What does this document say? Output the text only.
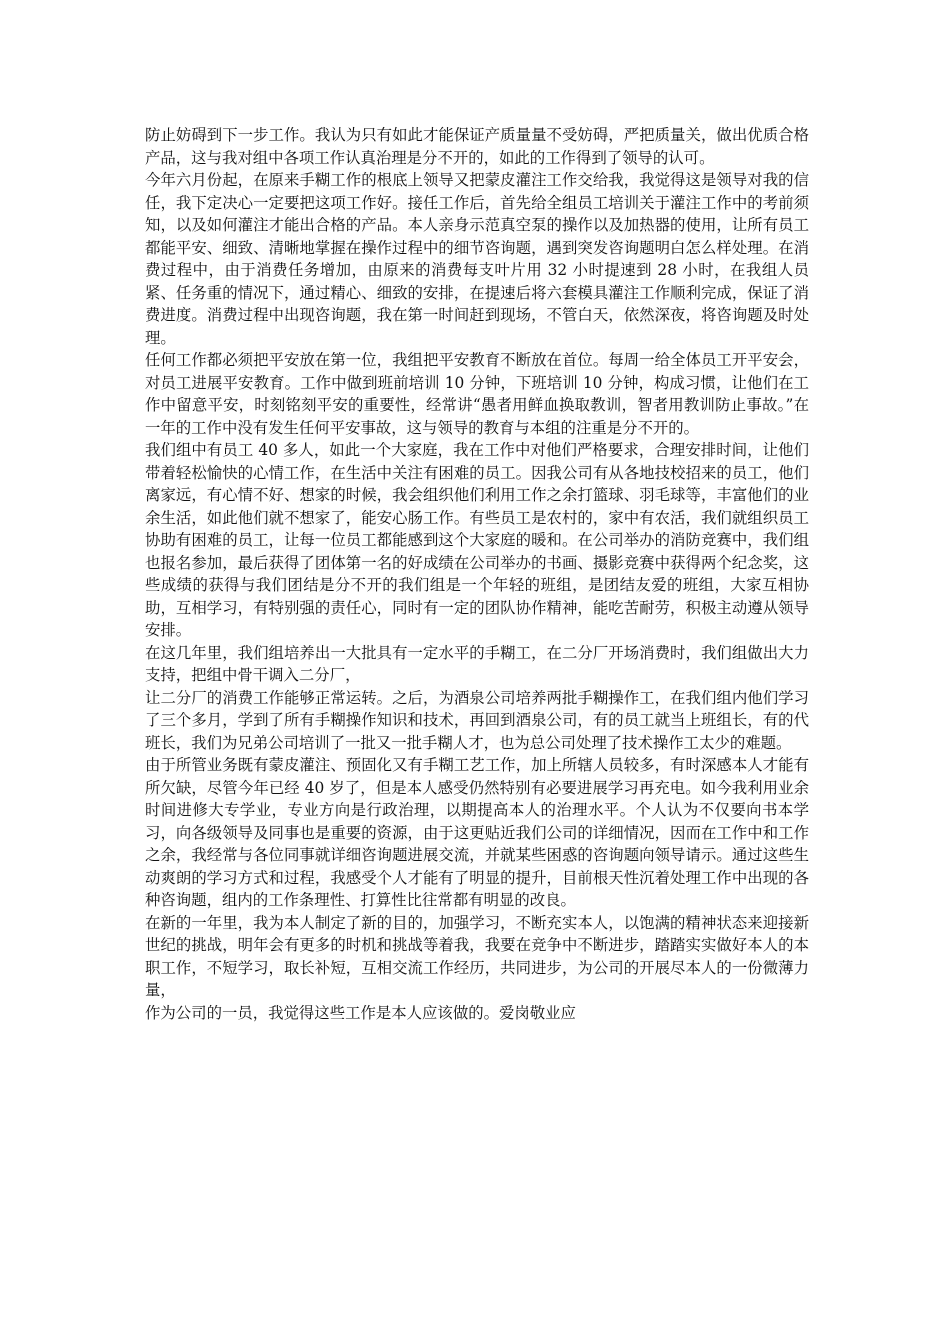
防止妨碍到下一步工作。我认为只有如此才能保证产质量量不受妨碍，严把质量关，做出优质合格产品，这与我对组中各项工作认真治理是分不开的，如此的工作得到了领导的认可。

今年六月份起，在原来手糊工作的根底上领导又把蒙皮灌注工作交给我，我觉得这是领导对我的信任，我下定决心一定要把这项工作好。接任工作后，首先给全组员工培训关于灌注工作中的考前须知，以及如何灌注才能出合格的产品。本人亲身示范真空泵的操作以及加热器的使用，让所有员工都能平安、细致、清晰地掌握在操作过程中的细节咨询题，遇到突发咨询题明白怎么样处理。在消费过程中，由于消费任务增加，由原来的消费每支叶片用 32 小时提速到 28 小时，在我组人员紧、任务重的情况下，通过精心、细致的安排，在提速后将六套模具灌注工作顺利完成，保证了消费进度。消费过程中出现咨询题，我在第一时间赶到现场，不管白天，依然深夜，将咨询题及时处理。

任何工作都必须把平安放在第一位，我组把平安教育不断放在首位。每周一给全体员工开平安会，对员工进展平安教育。工作中做到班前培训 10 分钟，下班培训 10 分钟，构成习惯，让他们在工作中留意平安，时刻铭刻平安的重要性，经常讲“愚者用鲜血换取教训，智者用教训防止事故。”在一年的工作中没有发生任何平安事故，这与领导的教育与本组的注重是分不开的。

我们组中有员工 40 多人，如此一个大家庭，我在工作中对他们严格要求，合理安排时间，让他们带着轻松愉快的心情工作，在生活中关注有困难的员工。因我公司有从各地技校招来的员工，他们离家远，有心情不好、想家的时候，我会组织他们利用工作之余打篮球、羽毛球等，丰富他们的业余生活，如此他们就不想家了，能安心肠工作。有些员工是农村的，家中有农活，我们就组织员工协助有困难的员工，让每一位员工都能感到这个大家庭的暖和。在公司举办的消防竞赛中，我们组也报名参加，最后获得了团体第一名的好成绩在公司举办的书画、摄影竞赛中获得两个纪念奖，这些成绩的获得与我们团结是分不开的我们组是一个年轻的班组，是团结友爱的班组，大家互相协助，互相学习，有特别强的责任心，同时有一定的团队协作精神，能吃苦耐劳，积极主动遵从领导安排。

在这几年里，我们组培养出一大批具有一定水平的手糊工，在二分厂开场消费时，我们组做出大力支持，把组中骨干调入二分厂，

让二分厂的消费工作能够正常运转。之后，为酒泉公司培养两批手糊操作工，在我们组内他们学习了三个多月，学到了所有手糊操作知识和技术，再回到酒泉公司，有的员工就当上班组长，有的代班长，我们为兄弟公司培训了一批又一批手糊人才，也为总公司处理了技术操作工太少的难题。

由于所管业务既有蒙皮灌注、预固化又有手糊工艺工作，加上所辖人员较多，有时深感本人才能有所欠缺，尽管今年已经 40 岁了，但是本人感受仍然特别有必要进展学习再充电。如今我利用业余时间进修大专学业，专业方向是行政治理，以期提高本人的治理水平。个人认为不仅要向书本学习，向各级领导及同事也是重要的资源，由于这更贴近我们公司的详细情况，因而在工作中和工作之余，我经常与各位同事就详细咨询题进展交流，并就某些困惑的咨询题向领导请示。通过这些生动爽朗的学习方式和过程，我感受个人才能有了明显的提升，目前根天性沉着处理工作中出现的各种咨询题，组内的工作条理性、打算性比往常都有明显的改良。

在新的一年里，我为本人制定了新的目的，加强学习，不断充实本人，以饱满的精神状态来迎接新世纪的挑战，明年会有更多的时机和挑战等着我，我要在竞争中不断进步，踏踏实实做好本人的本职工作，不短学习，取长补短，互相交流工作经历，共同进步，为公司的开展尽本人的一份微薄力量，

作为公司的一员，我觉得这些工作是本人应该做的。爱岗敬业应
